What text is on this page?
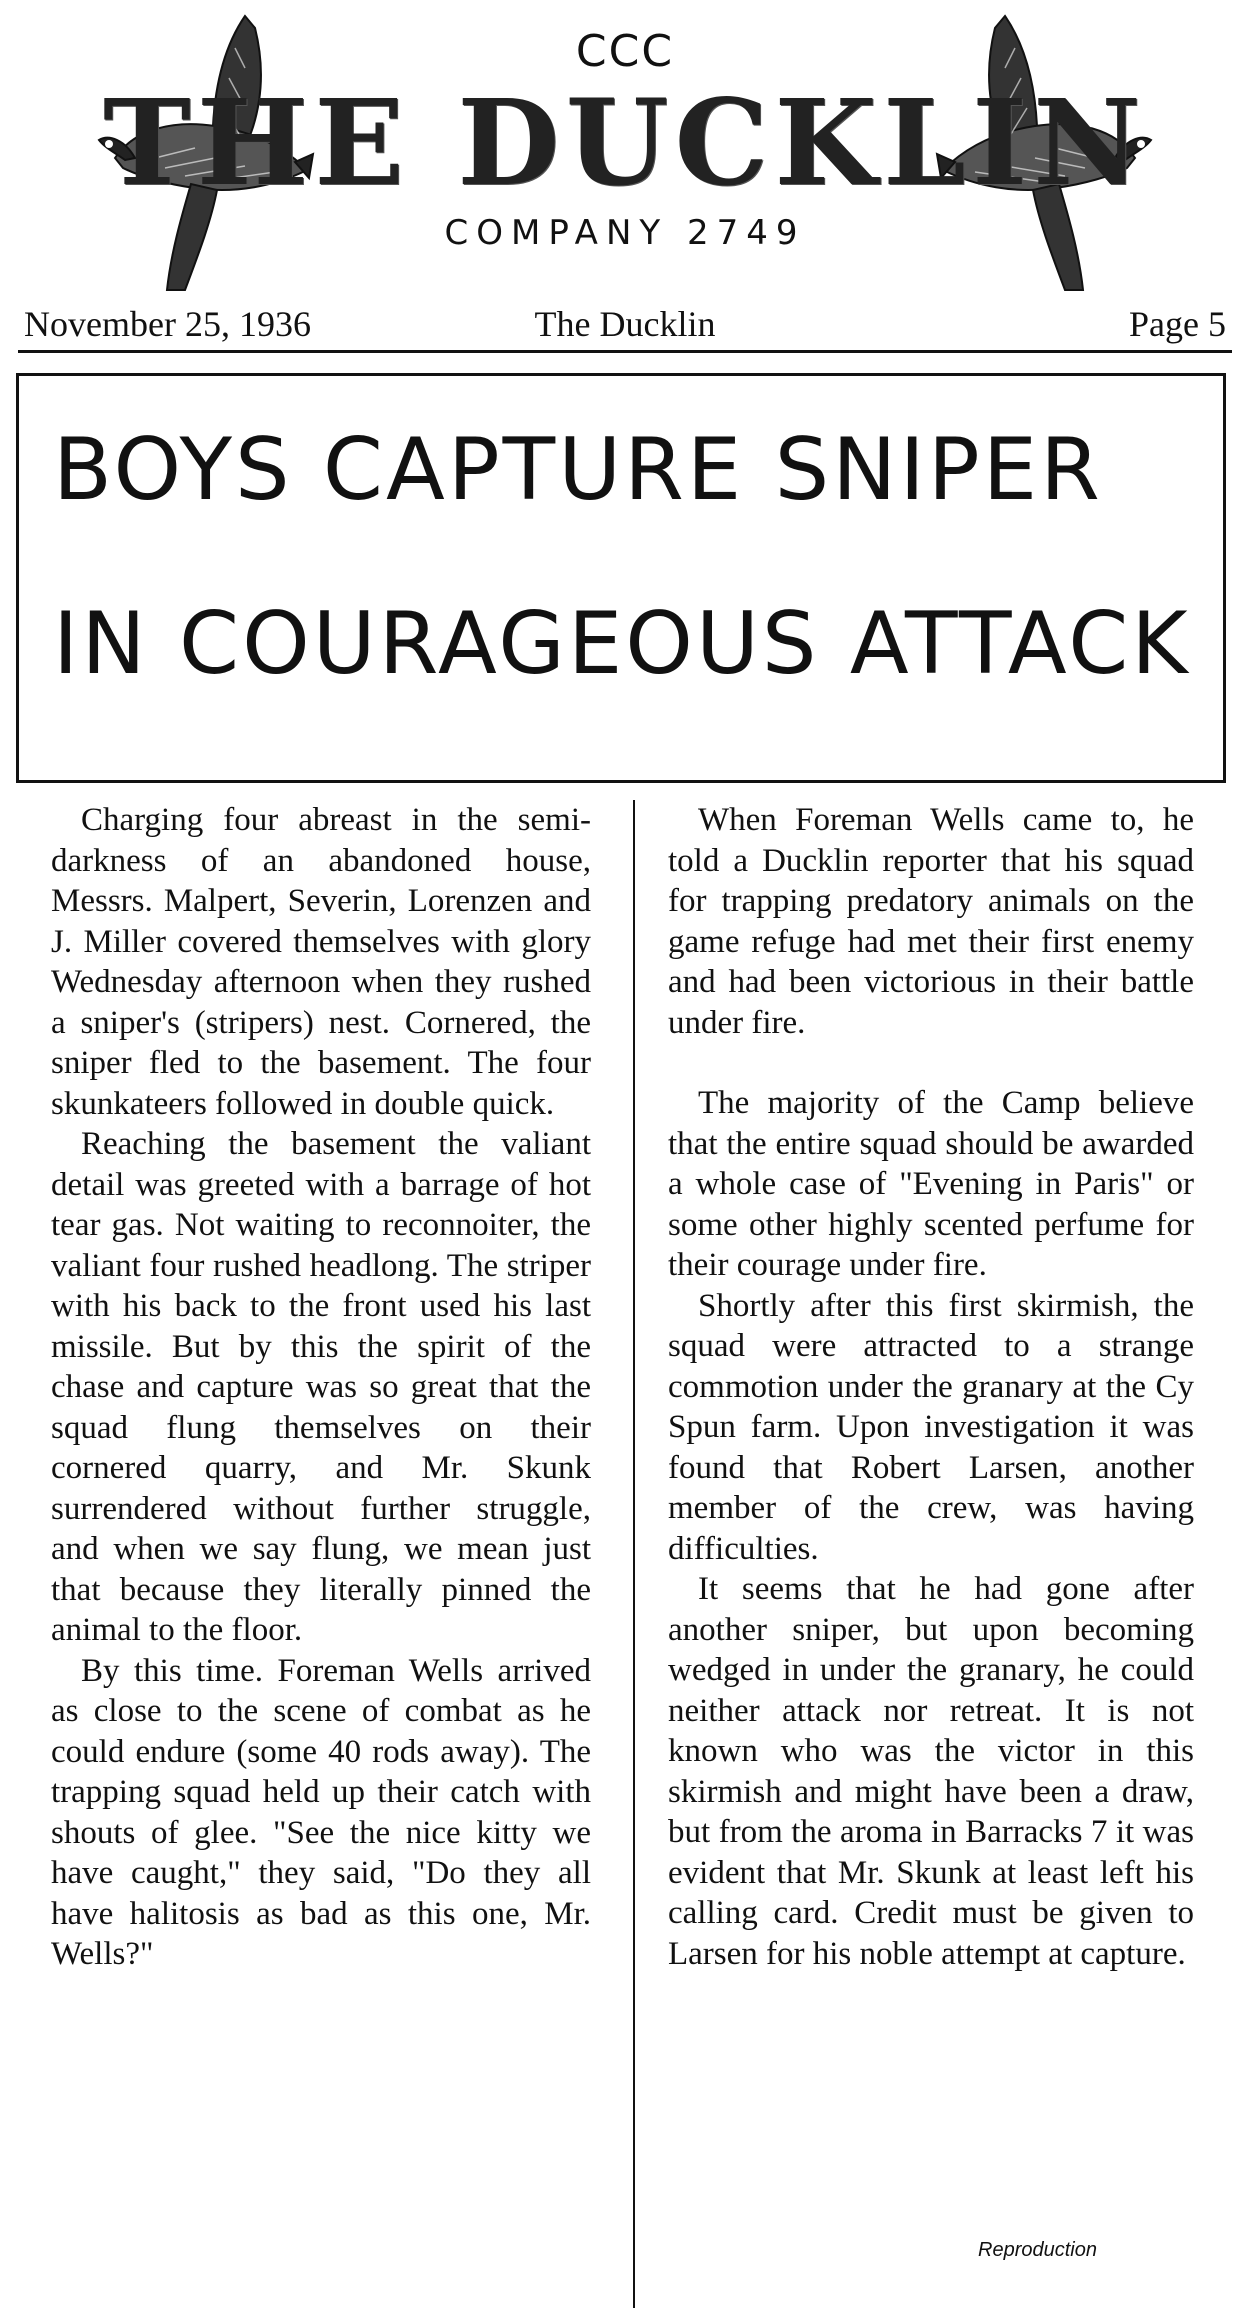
CCC
THE DUCKLIN
COMPANY 2749
November 25, 1936	The Ducklin	Page 5
BOYS CAPTURE SNIPER
IN COURAGEOUS ATTACK

Charging four abreast in the semi-darkness of an abandoned house, Messrs. Malpert, Severin, Lorenzen and J. Miller covered themselves with glory Wednesday afternoon when they rushed a sniper's (stripers) nest. Cornered, the sniper fled to the basement. The four skunkateers followed in double quick.

Reaching the basement the valiant detail was greeted with a barrage of hot tear gas. Not waiting to reconnoiter, the valiant four rushed headlong. The striper with his back to the front used his last missile. But by this the spirit of the chase and capture was so great that the squad flung themselves on their cornered quarry, and Mr. Skunk surrendered without further struggle, and when we say flung, we mean just that because they literally pinned the animal to the floor.

By this time. Foreman Wells arrived as close to the scene of combat as he could endure (some 40 rods away). The trapping squad held up their catch with shouts of glee. "See the nice kitty we have caught," they said, "Do they all have halitosis as bad as this one, Mr. Wells?"

When Foreman Wells came to, he told a Ducklin reporter that his squad for trapping predatory animals on the game refuge had met their first enemy and had been victorious in their battle under fire.

The majority of the Camp believe that the entire squad should be awarded a whole case of "Evening in Paris" or some other highly scented perfume for their courage under fire.

Shortly after this first skirmish, the squad were attracted to a strange commotion under the granary at the Cy Spun farm. Upon investigation it was found that Robert Larsen, another member of the crew, was having difficulties.

It seems that he had gone after another sniper, but upon becoming wedged in under the granary, he could neither attack nor retreat. It is not known who was the victor in this skirmish and might have been a draw, but from the aroma in Barracks 7 it was evident that Mr. Skunk at least left his calling card. Credit must be given to Larsen for his noble attempt at capture.

Reproduction
